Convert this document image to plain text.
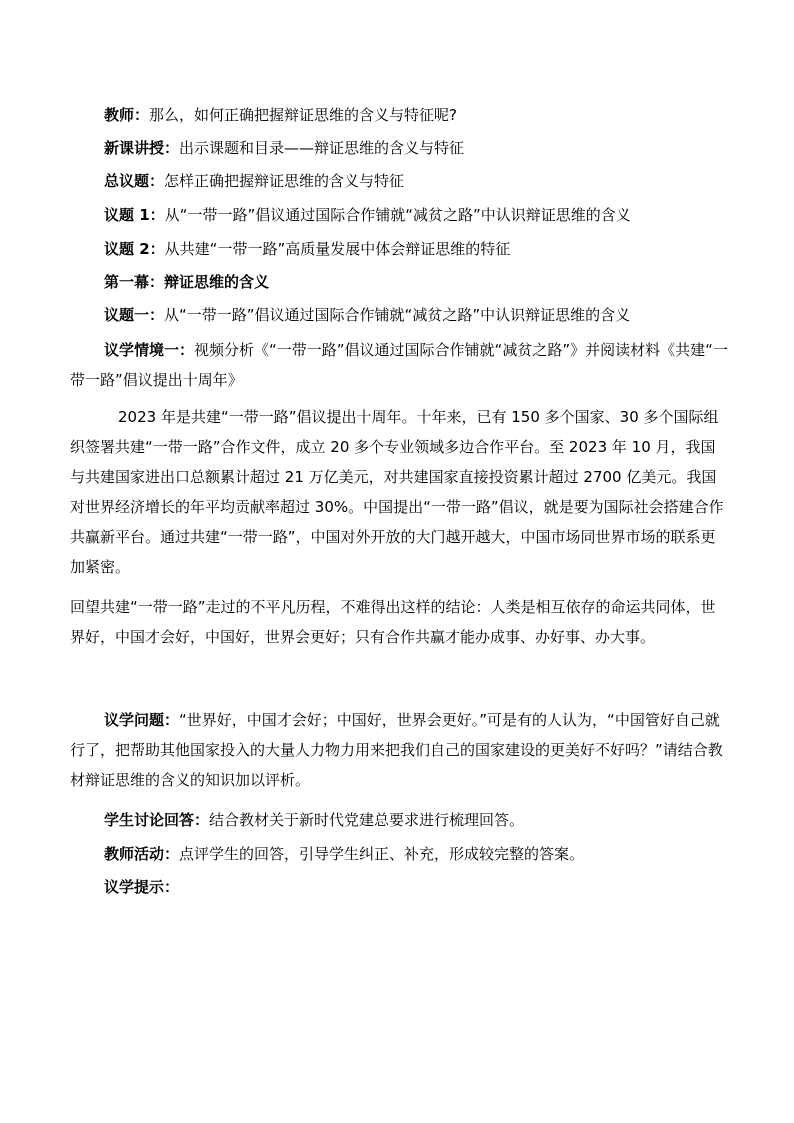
教师：那么，如何正确把握辩证思维的含义与特征呢?
新课讲授：出示课题和目录——辩证思维的含义与特征
总议题：怎样正确把握辩证思维的含义与特征
议题 1：从“一带一路”倡议通过国际合作铺就“减贫之路”中认识辩证思维的含义
议题 2：从共建“一带一路”高质量发展中体会辩证思维的特征
第一幕：辩证思维的含义
议题一：从“一带一路”倡议通过国际合作铺就“减贫之路”中认识辩证思维的含义
议学情境一：视频分析《“一带一路”倡议通过国际合作铺就“减贫之路”》并阅读材料《共建“一带一路”倡议提出十周年》

2023 年是共建“一带一路”倡议提出十周年。十年来，已有 150 多个国家、30 多个国际组织签署共建“一带一路”合作文件，成立 20 多个专业领域多边合作平台。至 2023 年 10 月，我国与共建国家进出口总额累计超过 21 万亿美元，对共建国家直接投资累计超过 2700 亿美元。我国对世界经济增长的年平均贡献率超过 30%。中国提出“一带一路”倡议，就是要为国际社会搭建合作共赢新平台。通过共建“一带一路”，中国对外开放的大门越开越大，中国市场同世界市场的联系更加紧密。

回望共建“一带一路”走过的不平凡历程，不难得出这样的结论：人类是相互依存的命运共同体，世界好，中国才会好，中国好，世界会更好；只有合作共赢才能办成事、办好事、办大事。

议学问题：“世界好，中国才会好；中国好，世界会更好。”可是有的人认为，“中国管好自己就行了，把帮助其他国家投入的大量人力物力用来把我们自己的国家建设的更美好不好吗？”请结合教材辩证思维的含义的知识加以评析。
学生讨论回答：结合教材关于新时代党建总要求进行梳理回答。
教师活动：点评学生的回答，引导学生纠正、补充，形成较完整的答案。
议学提示：
